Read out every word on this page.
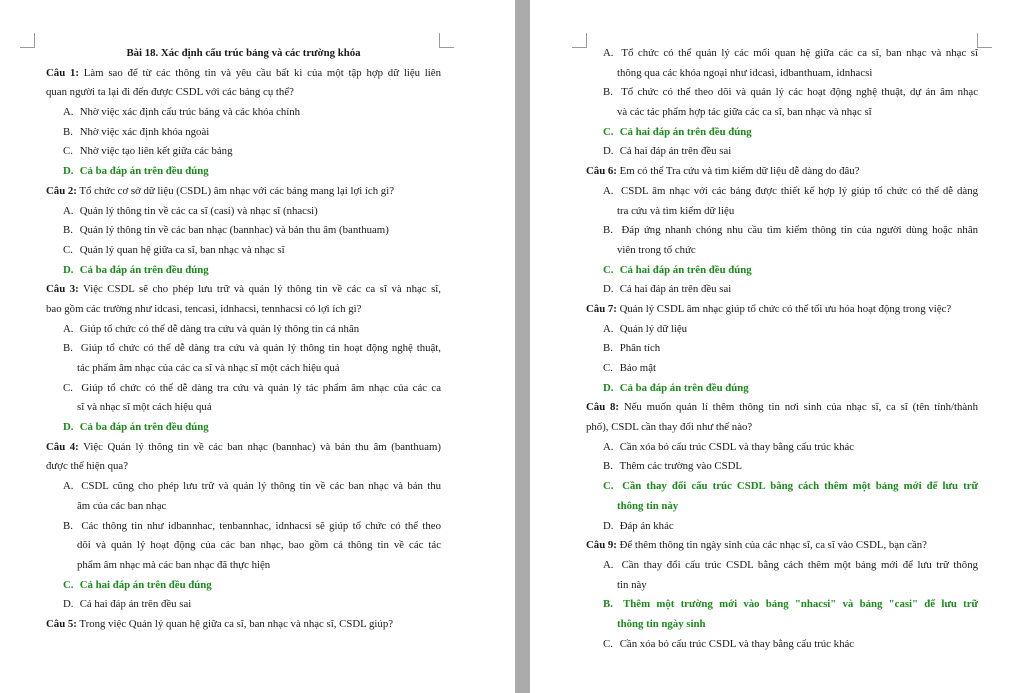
Bài 18. Xác định cấu trúc bảng và các trường khóa
Câu 1: Làm sao để từ các thông tin và yêu cầu bất kì của một tập hợp dữ liệu liên
quan người ta lại đi đến được CSDL với các bảng cụ thể?
A. Nhờ việc xác định cấu trúc bảng và các khóa chính
B. Nhờ việc xác định khóa ngoài
C. Nhờ việc tạo liên kết giữa các bảng
D. Cả ba đáp án trên đều đúng
Câu 2: Tổ chức cơ sở dữ liệu (CSDL) âm nhạc với các bảng mang lại lợi ích gì?
A. Quản lý thông tin về các ca sĩ (casi) và nhạc sĩ (nhacsi)
B. Quản lý thông tin về các ban nhạc (bannhac) và bản thu âm (banthuam)
C. Quản lý quan hệ giữa ca sĩ, ban nhạc và nhạc sĩ
D. Cả ba đáp án trên đều đúng
Câu 3: Việc CSDL sẽ cho phép lưu trữ và quản lý thông tin về các ca sĩ và nhạc sĩ,
bao gồm các trường như idcasi, tencasi, idnhacsi, tennhacsi có lợi ích gì?
A. Giúp tổ chức có thể dễ dàng tra cứu và quản lý thông tin cá nhân
B. Giúp tổ chức có thể dễ dàng tra cứu và quản lý thông tin hoạt động nghệ thuật,
tác phẩm âm nhạc của các ca sĩ và nhạc sĩ một cách hiệu quả
C. Giúp tổ chức có thể dễ dàng tra cứu và quản lý tác phẩm âm nhạc của các ca
sĩ và nhạc sĩ một cách hiệu quả
D. Cả ba đáp án trên đều đúng
Câu 4: Việc Quản lý thông tin về các ban nhạc (bannhac) và bản thu âm (banthuam)
được thể hiện qua?
A. CSDL cũng cho phép lưu trữ và quản lý thông tin về các ban nhạc và bản thu
âm của các ban nhạc
B. Các thông tin như idbannhac, tenbannhac, idnhacsi sẽ giúp tổ chức có thể theo
dõi và quản lý hoạt động của các ban nhạc, bao gồm cả thông tin về các tác
phẩm âm nhạc mà các ban nhạc đã thực hiện
C. Cả hai đáp án trên đều đúng
D. Cả hai đáp án trên đều sai
Câu 5: Trong việc Quản lý quan hệ giữa ca sĩ, ban nhạc và nhạc sĩ, CSDL giúp?
A. Tổ chức có thể quản lý các mối quan hệ giữa các ca sĩ, ban nhạc và nhạc sĩ
thông qua các khóa ngoại như idcasi, idbanthuam, idnhacsi
B. Tổ chức có thể theo dõi và quản lý các hoạt động nghệ thuật, dự án âm nhạc
và các tác phẩm hợp tác giữa các ca sĩ, ban nhạc và nhạc sĩ
C. Cả hai đáp án trên đều đúng
D. Cả hai đáp án trên đều sai
Câu 6: Em có thể Tra cứu và tìm kiếm dữ liệu dễ dàng do đâu?
A. CSDL âm nhạc với các bảng được thiết kế hợp lý giúp tổ chức có thể dễ dàng
tra cứu và tìm kiếm dữ liệu
B. Đáp ứng nhanh chóng nhu cầu tìm kiếm thông tin của người dùng hoặc nhân
viên trong tổ chức
C. Cả hai đáp án trên đều đúng
D. Cả hai đáp án trên đều sai
Câu 7: Quản lý CSDL âm nhạc giúp tổ chức có thể tối ưu hóa hoạt động trong việc?
A. Quản lý dữ liệu
B. Phân tích
C. Bảo mật
D. Cả ba đáp án trên đều đúng
Câu 8: Nếu muốn quản lí thêm thông tin nơi sinh của nhạc sĩ, ca sĩ (tên tỉnh/thành
phố), CSDL cần thay đổi như thế nào?
A. Cần xóa bỏ cấu trúc CSDL và thay bằng cấu trúc khác
B. Thêm các trường vào CSDL
C. Cần thay đổi cấu trúc CSDL bằng cách thêm một bảng mới để lưu trữ
thông tin này
D. Đáp án khác
Câu 9: Để thêm thông tin ngày sinh của các nhạc sĩ, ca sĩ vào CSDL, bạn cần?
A. Cần thay đổi cấu trúc CSDL bằng cách thêm một bảng mới để lưu trữ thông
tin này
B. Thêm một trường mới vào bảng "nhacsi" và bảng "casi" để lưu trữ
thông tin ngày sinh
C. Cần xóa bỏ cấu trúc CSDL và thay bằng cấu trúc khác
